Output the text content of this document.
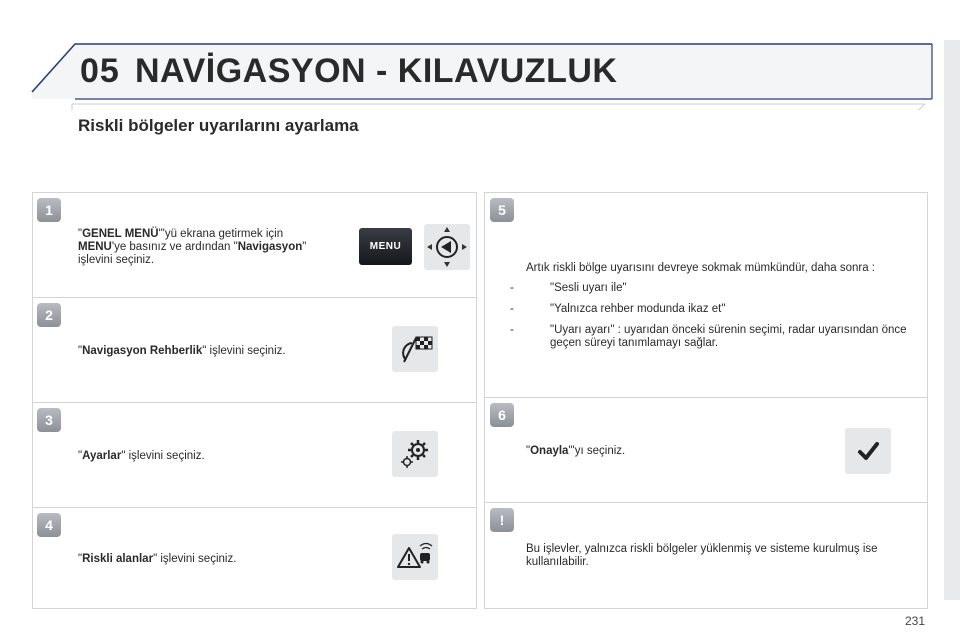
05 NAVİGASYON - KILAVUZLUK
Riskli bölgeler uyarılarını ayarlama
1
"GENEL MENÜ"'yü ekrana getirmek için
MENU'ye basınız ve ardından "Navigasyon"
işlevini seçiniz.
MENU
2
"Navigasyon Rehberlik" işlevini seçiniz.
3
"Ayarlar" işlevini seçiniz.
4
"Riskli alanlar" işlevini seçiniz.
5
Artık riskli bölge uyarısını devreye sokmak mümkündür, daha sonra :
-	"Sesli uyarı ile"
-	"Yalnızca rehber modunda ikaz et"
-	"Uyarı ayarı" : uyarıdan önceki sürenin seçimi, radar uyarısından önce geçen süreyi tanımlamayı sağlar.
6
"Onayla"'yı seçiniz.
!
Bu işlevler, yalnızca riskli bölgeler yüklenmiş ve sisteme kurulmuş ise kullanılabilir.
231
